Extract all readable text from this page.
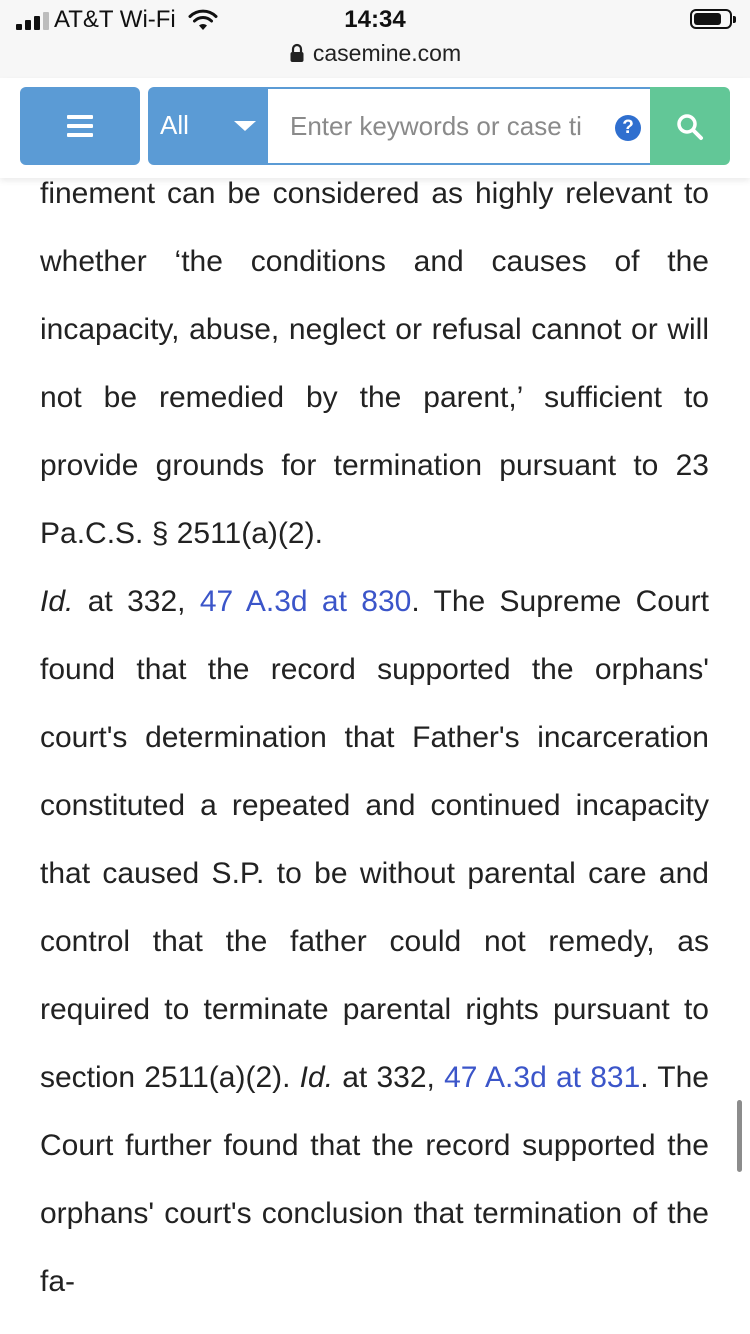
AT&T Wi-Fi	14:34
casemine.com
All
Enter keywords or case ti	?

finement can be considered as highly relevant to whether ‘the conditions and causes of the incapacity, abuse, neglect or refusal cannot or will not be remedied by the parent,’ sufficient to provide grounds for termination pursuant to 23 Pa.C.S. § 2511(a)(2).

Id. at 332, 47 A.3d at 830. The Supreme Court found that the record supported the orphans' court's determination that Father's incarceration constituted a repeated and continued incapacity that caused S.P. to be without parental care and control that the father could not remedy, as required to terminate parental rights pursuant to section 2511(a)(2). Id. at 332, 47 A.3d at 831. The Court further found that the record supported the orphans' court's conclusion that termination of the fa-
